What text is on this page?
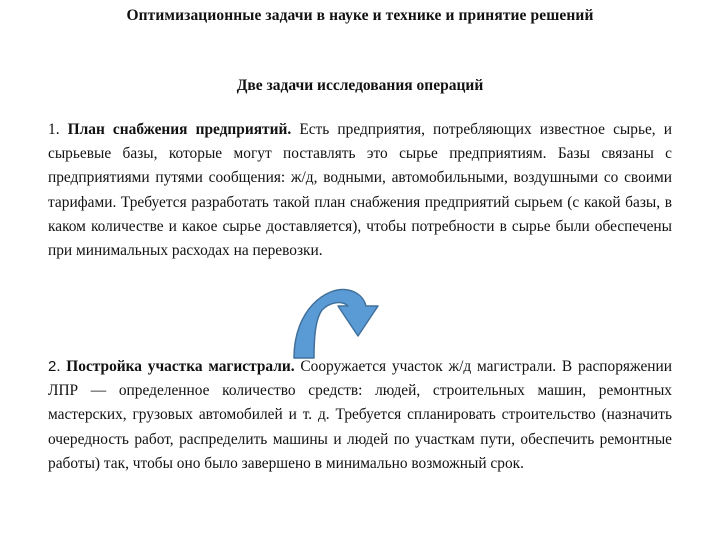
Оптимизационные задачи в науке и технике и принятие решений
Две задачи исследования операций

1. План снабжения предприятий. Есть предприятия, потребляющих известное сырье, и сырьевые базы, которые могут поставлять это сырье предприятиям. Базы связаны с предприятиями путями сообщения: ж/д, водными, автомобильными, воздушными со своими тарифами. Требуется разработать такой план снабжения предприятий сырьем (с какой базы, в каком количестве и какое сырье доставляется), чтобы потребности в сырье были обеспечены при минимальных расходах на перевозки.

2. Постройка участка магистрали. Сооружается участок ж/д магистрали. В распоряжении ЛПР — определенное количество средств: людей, строительных машин, ремонтных мастерских, грузовых автомобилей и т. д. Требуется спланировать строительство (назначить очередность работ, распределить машины и людей по участкам пути, обеспечить ремонтные работы) так, чтобы оно было завершено в минимально возможный срок.
